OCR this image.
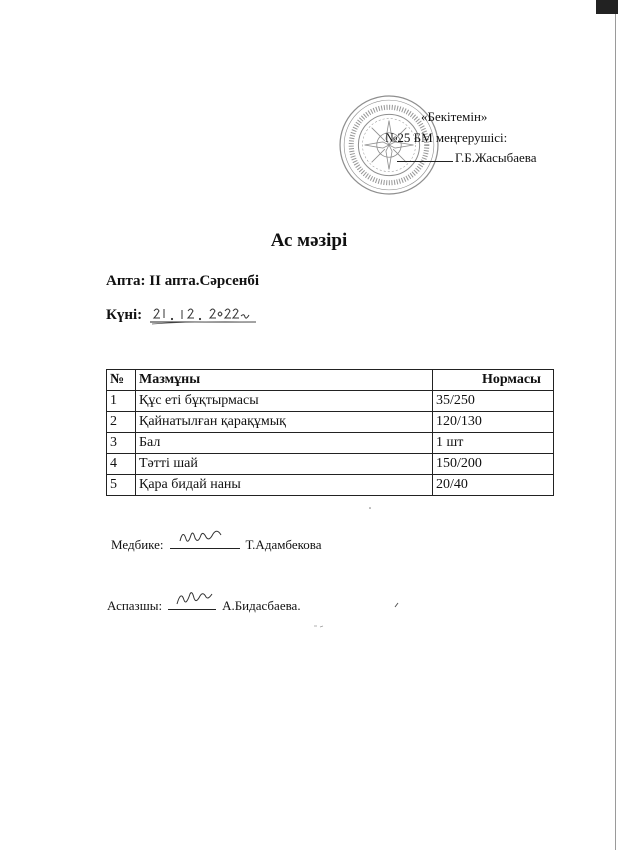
«Бекітемін»
№25 БМ меңгерушісі:
Г.Б.Жасыбаева
Ас мәзірі
Апта: II апта.Сәрсенбі
Күні:
№	Мазмұны	Нормасы
1	Құс еті бұқтырмасы	35/250
2	Қайнатылған қарақұмық	120/130
3	Бал	1 шт
4	Тәтті шай	150/200
5	Қара бидай наны	20/40
Медбике:	Т.Адамбекова
Аспазшы:	А.Бидасбаева.
